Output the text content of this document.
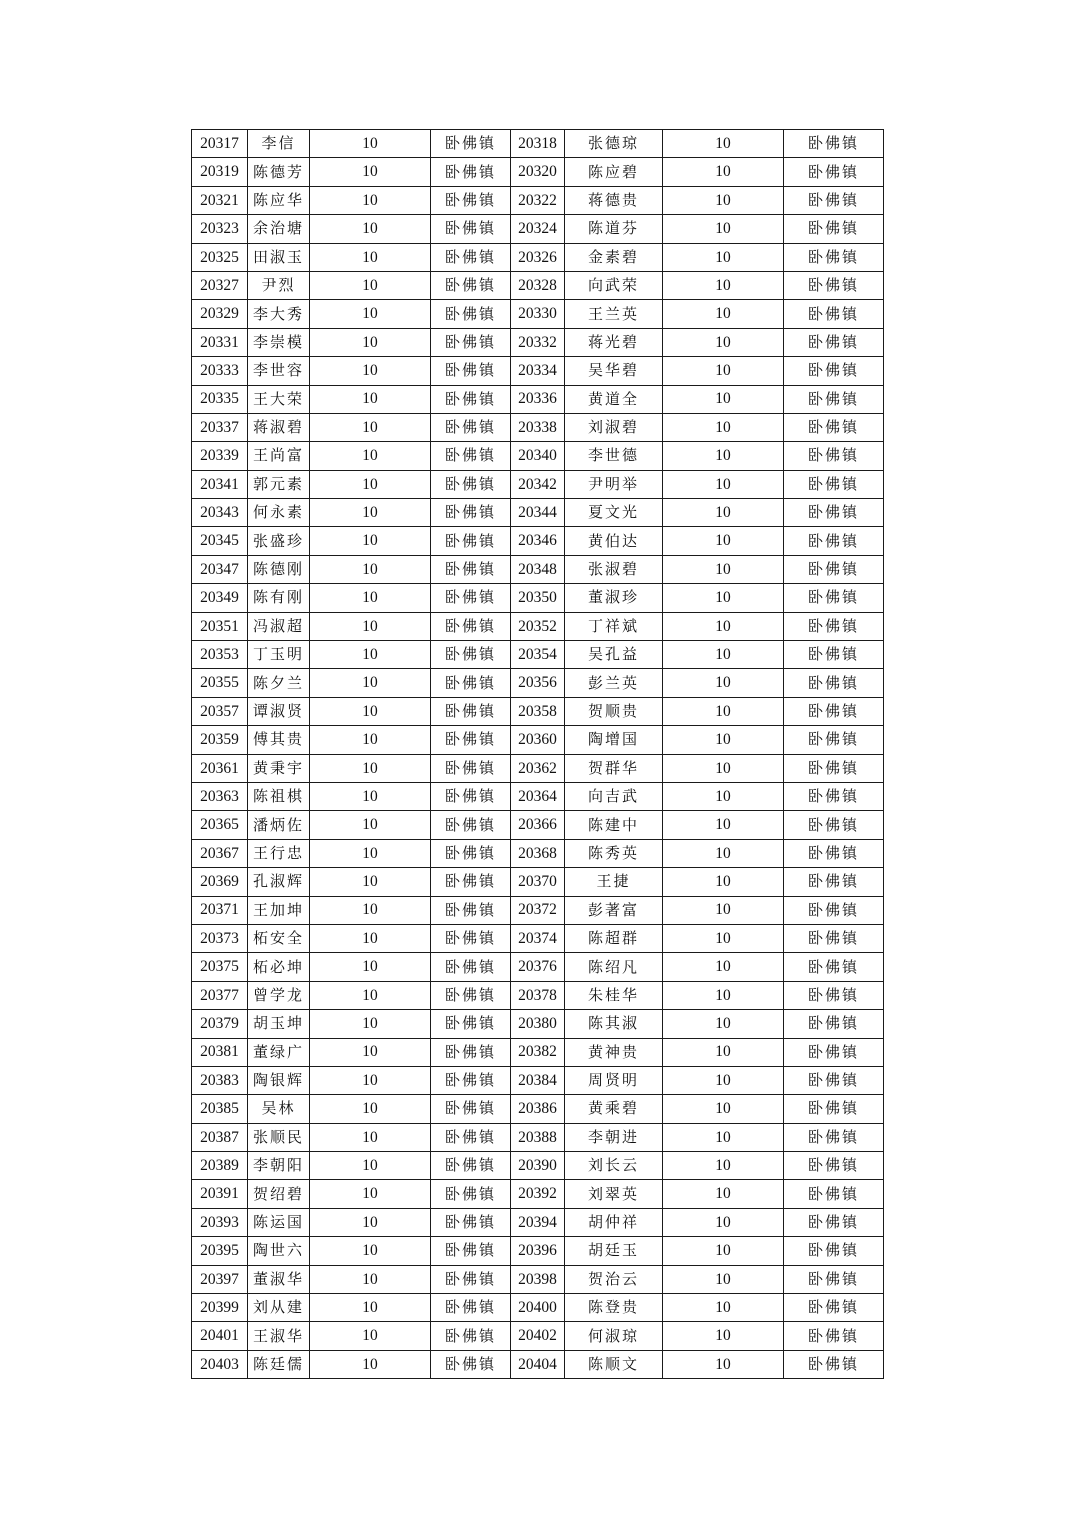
20317	李信	10	卧佛镇	20318	张德琼	10	卧佛镇
20319	陈德芳	10	卧佛镇	20320	陈应碧	10	卧佛镇
20321	陈应华	10	卧佛镇	20322	蒋德贵	10	卧佛镇
20323	余治塘	10	卧佛镇	20324	陈道芬	10	卧佛镇
20325	田淑玉	10	卧佛镇	20326	金素碧	10	卧佛镇
20327	尹烈	10	卧佛镇	20328	向武荣	10	卧佛镇
20329	李大秀	10	卧佛镇	20330	王兰英	10	卧佛镇
20331	李崇模	10	卧佛镇	20332	蒋光碧	10	卧佛镇
20333	李世容	10	卧佛镇	20334	吴华碧	10	卧佛镇
20335	王大荣	10	卧佛镇	20336	黄道全	10	卧佛镇
20337	蒋淑碧	10	卧佛镇	20338	刘淑碧	10	卧佛镇
20339	王尚富	10	卧佛镇	20340	李世德	10	卧佛镇
20341	郭元素	10	卧佛镇	20342	尹明举	10	卧佛镇
20343	何永素	10	卧佛镇	20344	夏文光	10	卧佛镇
20345	张盛珍	10	卧佛镇	20346	黄伯达	10	卧佛镇
20347	陈德刚	10	卧佛镇	20348	张淑碧	10	卧佛镇
20349	陈有刚	10	卧佛镇	20350	董淑珍	10	卧佛镇
20351	冯淑超	10	卧佛镇	20352	丁祥斌	10	卧佛镇
20353	丁玉明	10	卧佛镇	20354	吴孔益	10	卧佛镇
20355	陈夕兰	10	卧佛镇	20356	彭兰英	10	卧佛镇
20357	谭淑贤	10	卧佛镇	20358	贺顺贵	10	卧佛镇
20359	傅其贵	10	卧佛镇	20360	陶增国	10	卧佛镇
20361	黄秉宇	10	卧佛镇	20362	贺群华	10	卧佛镇
20363	陈祖棋	10	卧佛镇	20364	向吉武	10	卧佛镇
20365	潘炳佐	10	卧佛镇	20366	陈建中	10	卧佛镇
20367	王行忠	10	卧佛镇	20368	陈秀英	10	卧佛镇
20369	孔淑辉	10	卧佛镇	20370	王捷	10	卧佛镇
20371	王加坤	10	卧佛镇	20372	彭著富	10	卧佛镇
20373	柘安全	10	卧佛镇	20374	陈超群	10	卧佛镇
20375	柘必坤	10	卧佛镇	20376	陈绍凡	10	卧佛镇
20377	曾学龙	10	卧佛镇	20378	朱桂华	10	卧佛镇
20379	胡玉坤	10	卧佛镇	20380	陈其淑	10	卧佛镇
20381	董绿广	10	卧佛镇	20382	黄神贵	10	卧佛镇
20383	陶银辉	10	卧佛镇	20384	周贤明	10	卧佛镇
20385	吴林	10	卧佛镇	20386	黄乘碧	10	卧佛镇
20387	张顺民	10	卧佛镇	20388	李朝进	10	卧佛镇
20389	李朝阳	10	卧佛镇	20390	刘长云	10	卧佛镇
20391	贺绍碧	10	卧佛镇	20392	刘翠英	10	卧佛镇
20393	陈运国	10	卧佛镇	20394	胡仲祥	10	卧佛镇
20395	陶世六	10	卧佛镇	20396	胡廷玉	10	卧佛镇
20397	董淑华	10	卧佛镇	20398	贺治云	10	卧佛镇
20399	刘从建	10	卧佛镇	20400	陈登贵	10	卧佛镇
20401	王淑华	10	卧佛镇	20402	何淑琼	10	卧佛镇
20403	陈廷儒	10	卧佛镇	20404	陈顺文	10	卧佛镇
